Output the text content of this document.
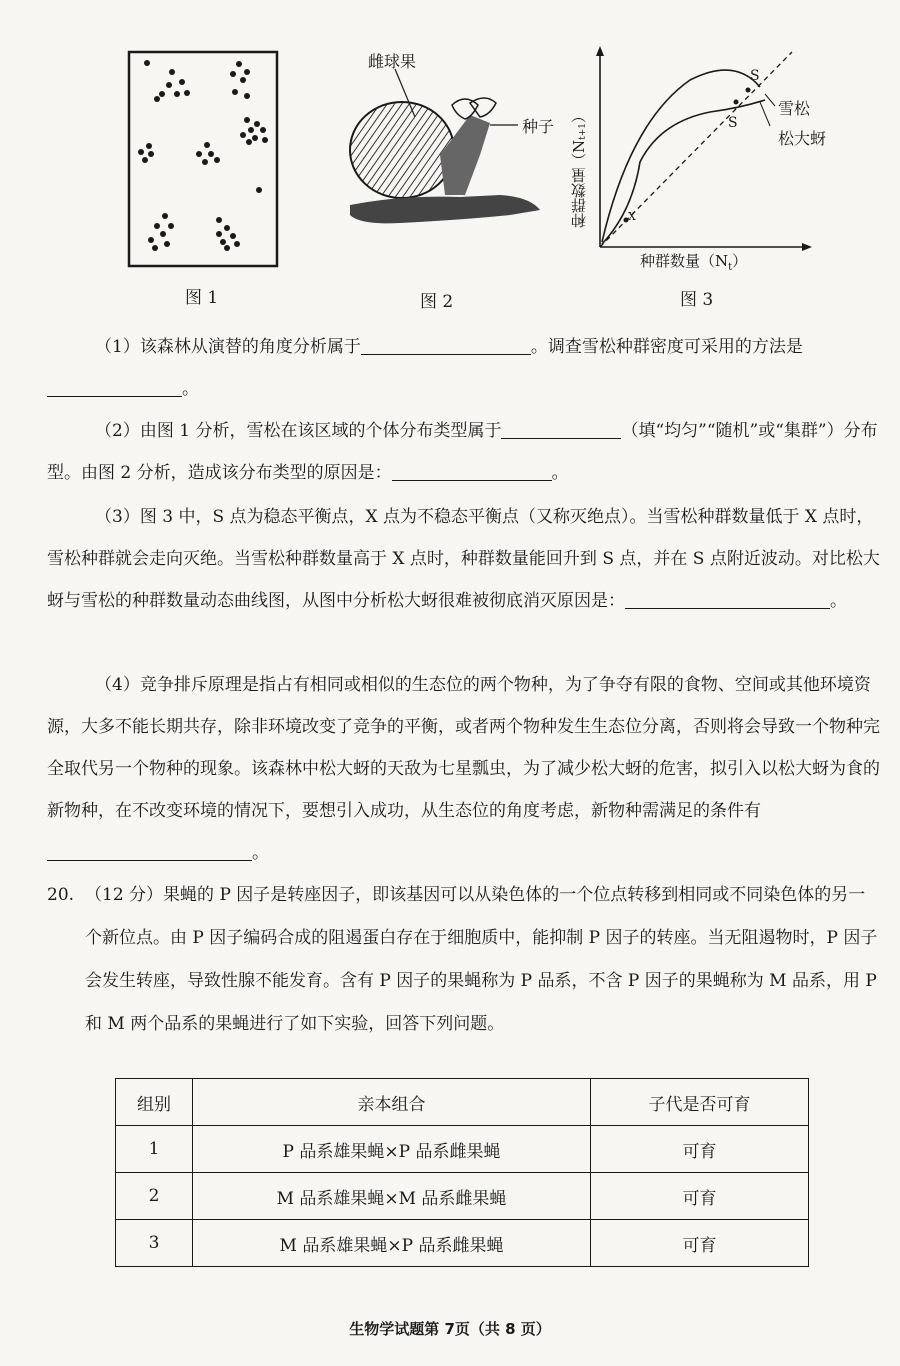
图 1
雌球果
种子
图 2
S
S
X
雪松
松大蚜
种群数量$(N_{t+1})$
种群数量$(N_t)$
图 3

（1）该森林从演替的角度分析属于	。调查雪松种群密度可采用的方法是。

（2）由图 1 分析，雪松在该区域的个体分布类型属于	（填“均匀”“随机”或“集群”）分布型。由图 2 分析，造成该分布类型的原因是：	。

（3）图 3 中，S 点为稳态平衡点，X 点为不稳态平衡点（又称灭绝点）。当雪松种群数量低于 X 点时，雪松种群就会走向灭绝。当雪松种群数量高于 X 点时，种群数量能回升到 S 点，并在 S 点附近波动。对比松大蚜与雪松的种群数量动态曲线图，从图中分析松大蚜很难被彻底消灭原因是：	。

（4）竞争排斥原理是指占有相同或相似的生态位的两个物种，为了争夺有限的食物、空间或其他环境资源，大多不能长期共存，除非环境改变了竞争的平衡，或者两个物种发生生态位分离，否则将会导致一个物种完全取代另一个物种的现象。该森林中松大蚜的天敌为七星瓢虫，为了减少松大蚜的危害，拟引入以松大蚜为食的新物种，在不改变环境的情况下，要想引入成功，从生态位的角度考虑，新物种需满足的条件有。

20. （12 分）果蝇的 P 因子是转座因子，即该基因可以从染色体的一个位点转移到相同或不同染色体的另一个新位点。由 P 因子编码合成的阻遏蛋白存在于细胞质中，能抑制 P 因子的转座。当无阻遏物时，P 因子会发生转座，导致性腺不能发育。含有 P 因子的果蝇称为 P 品系，不含 P 因子的果蝇称为 M 品系，用 P 和 M 两个品系的果蝇进行了如下实验，回答下列问题。
组别	亲本组合	子代是否可育
1	P 品系雄果蝇×P 品系雌果蝇	可育
2	M 品系雄果蝇×M 品系雌果蝇	可育
3	M 品系雄果蝇×P 品系雌果蝇	可育
生物学试题第 7页（共 8 页）
